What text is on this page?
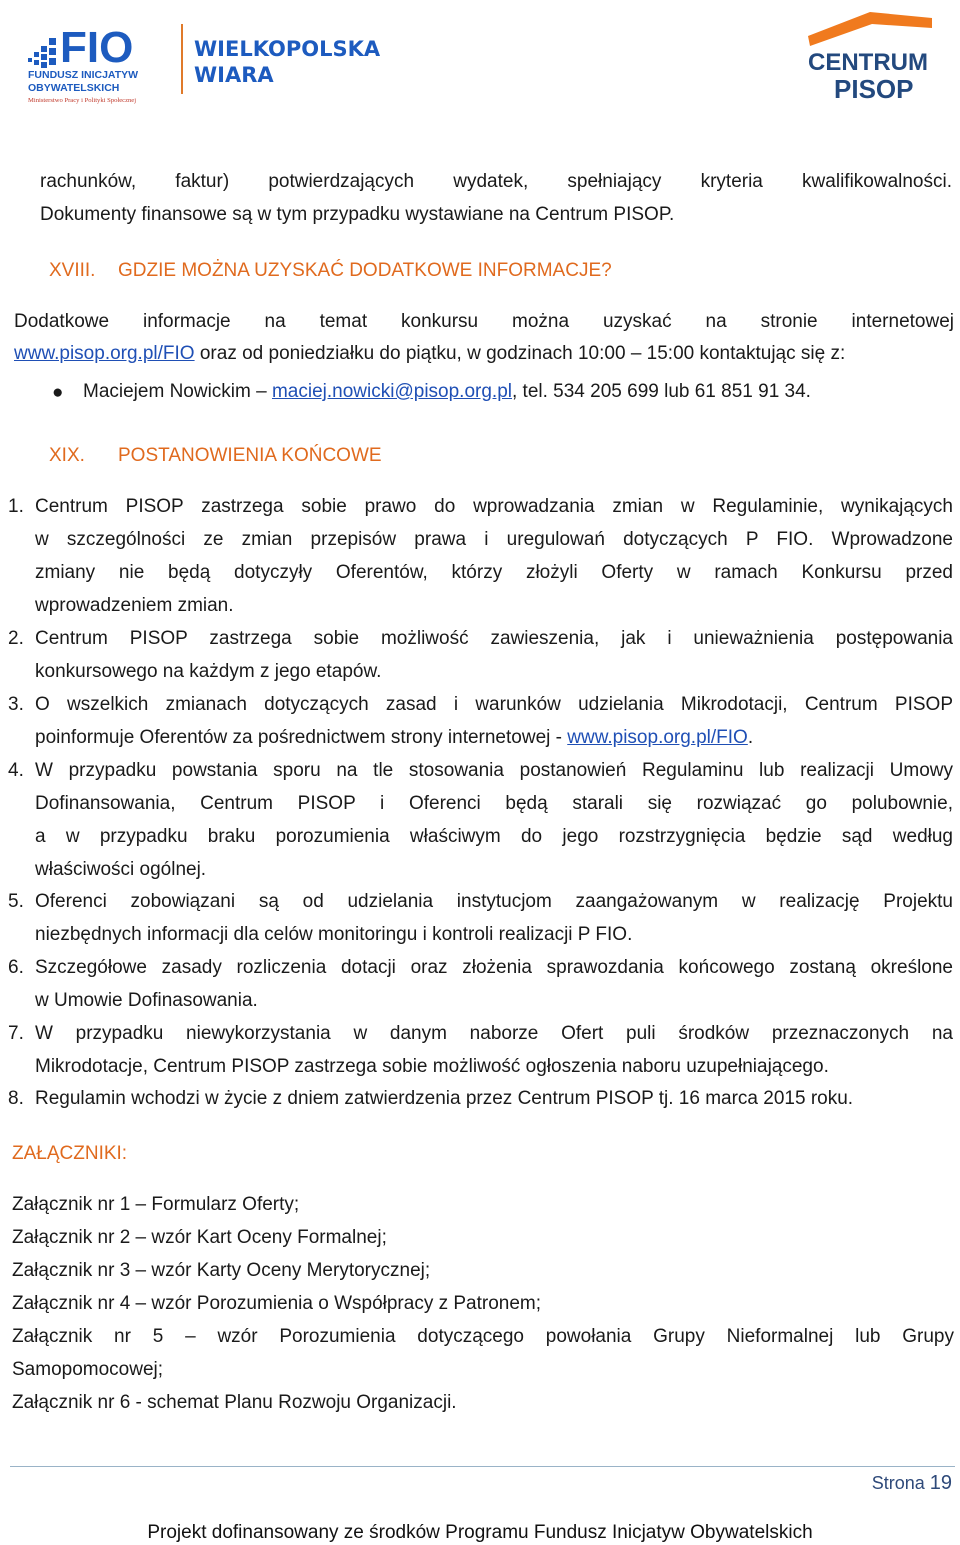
FIO
FUNDUSZ INICJATYW
OBYWATELSKICH
Ministerstwo Pracy i Polityki Społecznej
WIELKOPOLSKA
WIARA	CENTRUM
PISOP
rachunków, faktur) potwierdzających wydatek, spełniający kryteria kwalifikowalności.
Dokumenty finansowe są w tym przypadku wystawiane na Centrum PISOP.
XVIII. GDZIE MOŻNA UZYSKAĆ DODATKOWE INFORMACJE?
Dodatkowe informacje na temat konkursu można uzyskać na stronie internetowej
www.pisop.org.pl/FIO oraz od poniedziałku do piątku, w godzinach 10:00 – 15:00 kontaktując się z:
● Maciejem Nowickim – maciej.nowicki@pisop.org.pl, tel. 534 205 699 lub 61 851 91 34.
XIX. POSTANOWIENIA KOŃCOWE
1. Centrum PISOP zastrzega sobie prawo do wprowadzania zmian w Regulaminie, wynikających
w szczególności ze zmian przepisów prawa i uregulowań dotyczących P FIO. Wprowadzone
zmiany nie będą dotyczyły Oferentów, którzy złożyli Oferty w ramach Konkursu przed
wprowadzeniem zmian.
2. Centrum PISOP zastrzega sobie możliwość zawieszenia, jak i unieważnienia postępowania
konkursowego na każdym z jego etapów.
3. O wszelkich zmianach dotyczących zasad i warunków udzielania Mikrodotacji, Centrum PISOP
poinformuje Oferentów za pośrednictwem strony internetowej - www.pisop.org.pl/FIO.
4. W przypadku powstania sporu na tle stosowania postanowień Regulaminu lub realizacji Umowy
Dofinansowania, Centrum PISOP i Oferenci będą starali się rozwiązać go polubownie,
a w przypadku braku porozumienia właściwym do jego rozstrzygnięcia będzie sąd według
właściwości ogólnej.
5. Oferenci zobowiązani są od udzielania instytucjom zaangażowanym w realizację Projektu
niezbędnych informacji dla celów monitoringu i kontroli realizacji P FIO.
6. Szczegółowe zasady rozliczenia dotacji oraz złożenia sprawozdania końcowego zostaną określone
w Umowie Dofinasowania.
7. W przypadku niewykorzystania w danym naborze Ofert puli środków przeznaczonych na
Mikrodotacje, Centrum PISOP zastrzega sobie możliwość ogłoszenia naboru uzupełniającego.
8. Regulamin wchodzi w życie z dniem zatwierdzenia przez Centrum PISOP tj. 16 marca 2015 roku.
ZAŁĄCZNIKI:
Załącznik nr 1 – Formularz Oferty;
Załącznik nr 2 – wzór Kart Oceny Formalnej;
Załącznik nr 3 – wzór Karty Oceny Merytorycznej;
Załącznik nr 4 – wzór Porozumienia o Współpracy z Patronem;
Załącznik nr 5 – wzór Porozumienia dotyczącego powołania Grupy Nieformalnej lub Grupy
Samopomocowej;
Załącznik nr 6 - schemat Planu Rozwoju Organizacji.
Strona 19
Projekt dofinansowany ze środków Programu Fundusz Inicjatyw Obywatelskich
